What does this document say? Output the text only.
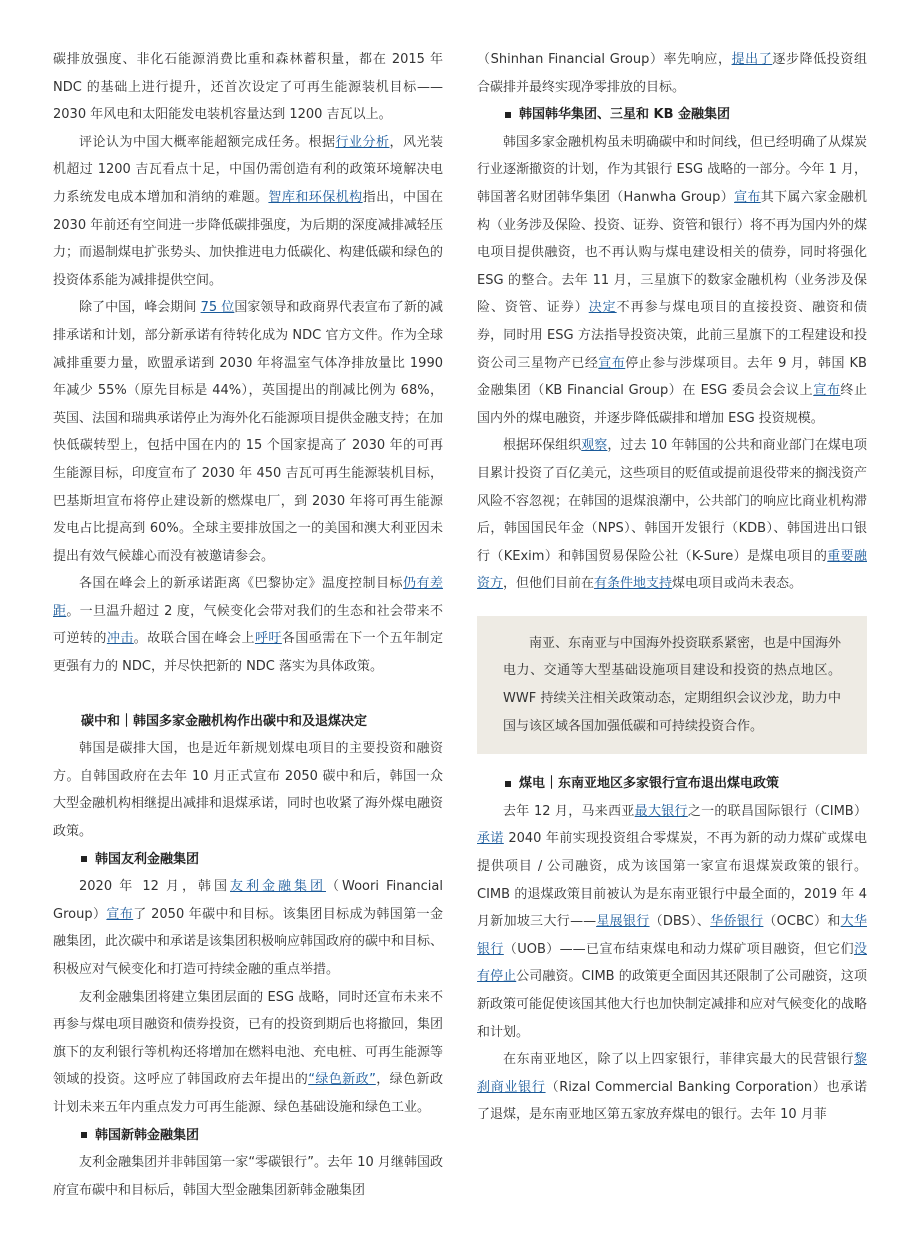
碳排放强度、非化石能源消费比重和森林蓄积量，都在 2015 年 NDC 的基础上进行提升，还首次设定了可再生能源装机目标——2030 年风电和太阳能发电装机容量达到 1200 吉瓦以上。

评论认为中国大概率能超额完成任务。根据行业分析，风光装机超过 1200 吉瓦看点十足，中国仍需创造有利的政策环境解决电力系统发电成本增加和消纳的难题。智库和环保机构指出，中国在 2030 年前还有空间进一步降低碳排强度，为后期的深度减排减轻压力；而遏制煤电扩张势头、加快推进电力低碳化、构建低碳和绿色的投资体系能为减排提供空间。

除了中国，峰会期间 75 位国家领导和政商界代表宣布了新的减排承诺和计划，部分新承诺有待转化成为 NDC 官方文件。作为全球减排重要力量，欧盟承诺到 2030 年将温室气体净排放量比 1990 年减少 55%（原先目标是 44%），英国提出的削减比例为 68%，英国、法国和瑞典承诺停止为海外化石能源项目提供金融支持；在加快低碳转型上，包括中国在内的 15 个国家提高了 2030 年的可再生能源目标，印度宣布了 2030 年 450 吉瓦可再生能源装机目标，巴基斯坦宣布将停止建设新的燃煤电厂，到 2030 年将可再生能源发电占比提高到 60%。全球主要排放国之一的美国和澳大利亚因未提出有效气候雄心而没有被邀请参会。

各国在峰会上的新承诺距离《巴黎协定》温度控制目标仍有差距。一旦温升超过 2 度，气候变化会带对我们的生态和社会带来不可逆转的冲击。故联合国在峰会上呼吁各国亟需在下一个五年制定更强有力的 NDC，并尽快把新的 NDC 落实为具体政策。

碳中和｜韩国多家金融机构作出碳中和及退煤决定

韩国是碳排大国，也是近年新规划煤电项目的主要投资和融资方。自韩国政府在去年 10 月正式宣布 2050 碳中和后，韩国一众大型金融机构相继提出减排和退煤承诺，同时也收紧了海外煤电融资政策。

韩国友利金融集团

2020 年 12 月，韩国友利金融集团（Woori Financial Group）宣布了 2050 年碳中和目标。该集团目标成为韩国第一金融集团，此次碳中和承诺是该集团积极响应韩国政府的碳中和目标、积极应对气候变化和打造可持续金融的重点举措。

友利金融集团将建立集团层面的 ESG 战略，同时还宣布未来不再参与煤电项目融资和债券投资，已有的投资到期后也将撤回，集团旗下的友利银行等机构还将增加在燃料电池、充电桩、可再生能源等领域的投资。这呼应了韩国政府去年提出的“绿色新政”，绿色新政计划未来五年内重点发力可再生能源、绿色基础设施和绿色工业。

韩国新韩金融集团

友利金融集团并非韩国第一家“零碳银行”。去年 10 月继韩国政府宣布碳中和目标后，韩国大型金融集团新韩金融集团

（Shinhan Financial Group）率先响应，提出了逐步降低投资组合碳排并最终实现净零排放的目标。

韩国韩华集团、三星和 KB 金融集团

韩国多家金融机构虽未明确碳中和时间线，但已经明确了从煤炭行业逐渐撤资的计划，作为其银行 ESG 战略的一部分。今年 1 月，韩国著名财团韩华集团（Hanwha Group）宣布其下属六家金融机构（业务涉及保险、投资、证券、资管和银行）将不再为国内外的煤电项目提供融资，也不再认购与煤电建设相关的债券，同时将强化 ESG 的整合。去年 11 月，三星旗下的数家金融机构（业务涉及保险、资管、证券）决定不再参与煤电项目的直接投资、融资和债券，同时用 ESG 方法指导投资决策，此前三星旗下的工程建设和投资公司三星物产已经宣布停止参与涉煤项目。去年 9 月，韩国 KB 金融集团（KB Financial Group）在 ESG 委员会会议上宣布终止国内外的煤电融资，并逐步降低碳排和增加 ESG 投资规模。

根据环保组织观察，过去 10 年韩国的公共和商业部门在煤电项目累计投资了百亿美元，这些项目的贬值或提前退役带来的搁浅资产风险不容忽视；在韩国的退煤浪潮中，公共部门的响应比商业机构滞后，韩国国民年金（NPS）、韩国开发银行（KDB）、韩国进出口银行（KExim）和韩国贸易保险公社（K-Sure）是煤电项目的重要融资方，但他们目前在有条件地支持煤电项目或尚未表态。

南亚、东南亚与中国海外投资联系紧密，也是中国海外电力、交通等大型基础设施项目建设和投资的热点地区。WWF 持续关注相关政策动态，定期组织会议沙龙，助力中国与该区域各国加强低碳和可持续投资合作。

煤电｜东南亚地区多家银行宣布退出煤电政策

去年 12 月，马来西亚最大银行之一的联昌国际银行（CIMB）承诺 2040 年前实现投资组合零煤炭，不再为新的动力煤矿或煤电提供项目 / 公司融资，成为该国第一家宣布退煤炭政策的银行。CIMB 的退煤政策目前被认为是东南亚银行中最全面的，2019 年 4 月新加坡三大行——星展银行（DBS）、华侨银行（OCBC）和大华银行（UOB）——已宣布结束煤电和动力煤矿项目融资，但它们没有停止公司融资。CIMB 的政策更全面因其还限制了公司融资，这项新政策可能促使该国其他大行也加快制定减排和应对气候变化的战略和计划。

在东南亚地区，除了以上四家银行，菲律宾最大的民营银行黎刹商业银行（Rizal Commercial Banking Corporation）也承诺了退煤，是东南亚地区第五家放弃煤电的银行。去年 10 月菲
